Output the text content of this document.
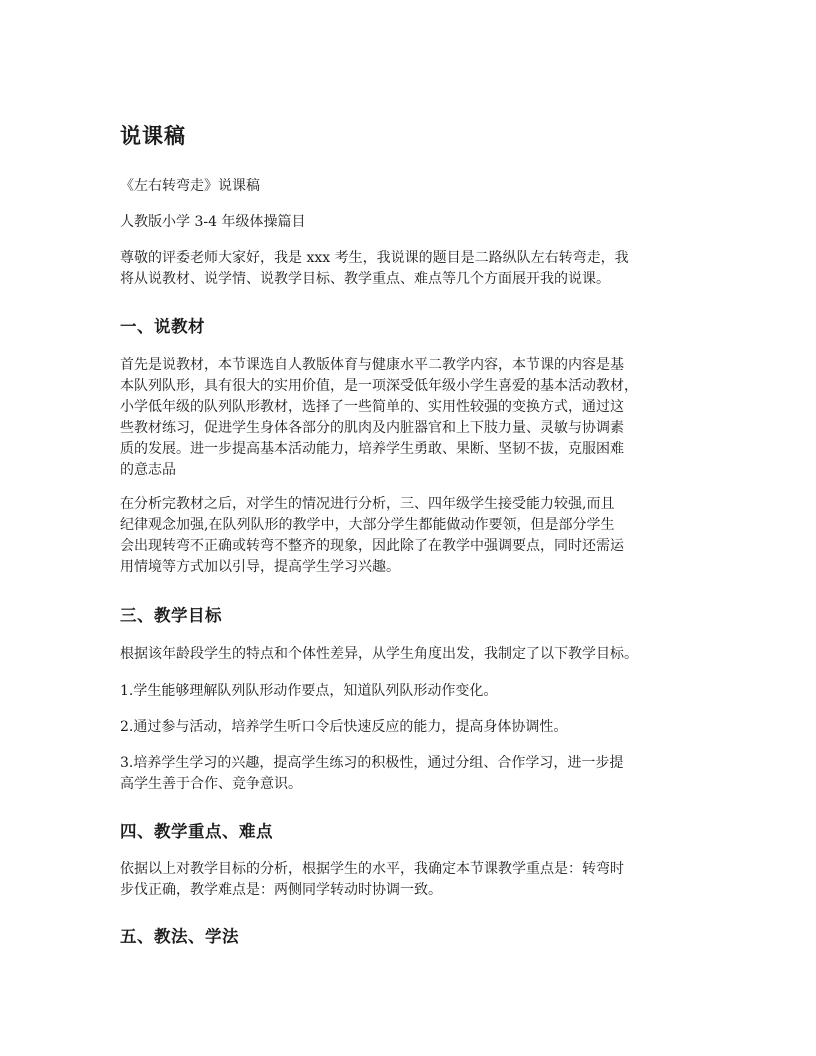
说课稿

《左右转弯走》说课稿

人教版小学 3-4 年级体操篇目

尊敬的评委老师大家好，我是 xxx 考生，我说课的题目是二路纵队左右转弯走，我
将从说教材、说学情、说教学目标、教学重点、难点等几个方面展开我的说课。

一、说教材

首先是说教材，本节课选自人教版体育与健康水平二教学内容，本节课的内容是基
本队列队形，具有很大的实用价值，是一项深受低年级小学生喜爱的基本活动教材，
小学低年级的队列队形教材，选择了一些简单的、实用性较强的变换方式，通过这
些教材练习，促进学生身体各部分的肌肉及内脏器官和上下肢力量、灵敏与协调素
质的发展。进一步提高基本活动能力，培养学生勇敢、果断、坚韧不拔，克服困难
的意志品

在分析完教材之后，对学生的情况进行分析，三、四年级学生接受能力较强,而且
纪律观念加强,在队列队形的教学中，大部分学生都能做动作要领，但是部分学生
会出现转弯不正确或转弯不整齐的现象，因此除了在教学中强调要点，同时还需运
用情境等方式加以引导，提高学生学习兴趣。

三、教学目标

根据该年龄段学生的特点和个体性差异，从学生角度出发，我制定了以下教学目标。

1.学生能够理解队列队形动作要点，知道队列队形动作变化。

2.通过参与活动，培养学生听口令后快速反应的能力，提高身体协调性。

3.培养学生学习的兴趣，提高学生练习的积极性，通过分组、合作学习，进一步提
高学生善于合作、竞争意识。

四、教学重点、难点

依据以上对教学目标的分析，根据学生的水平，我确定本节课教学重点是：转弯时
步伐正确，教学难点是：两侧同学转动时协调一致。

五、教法、学法
